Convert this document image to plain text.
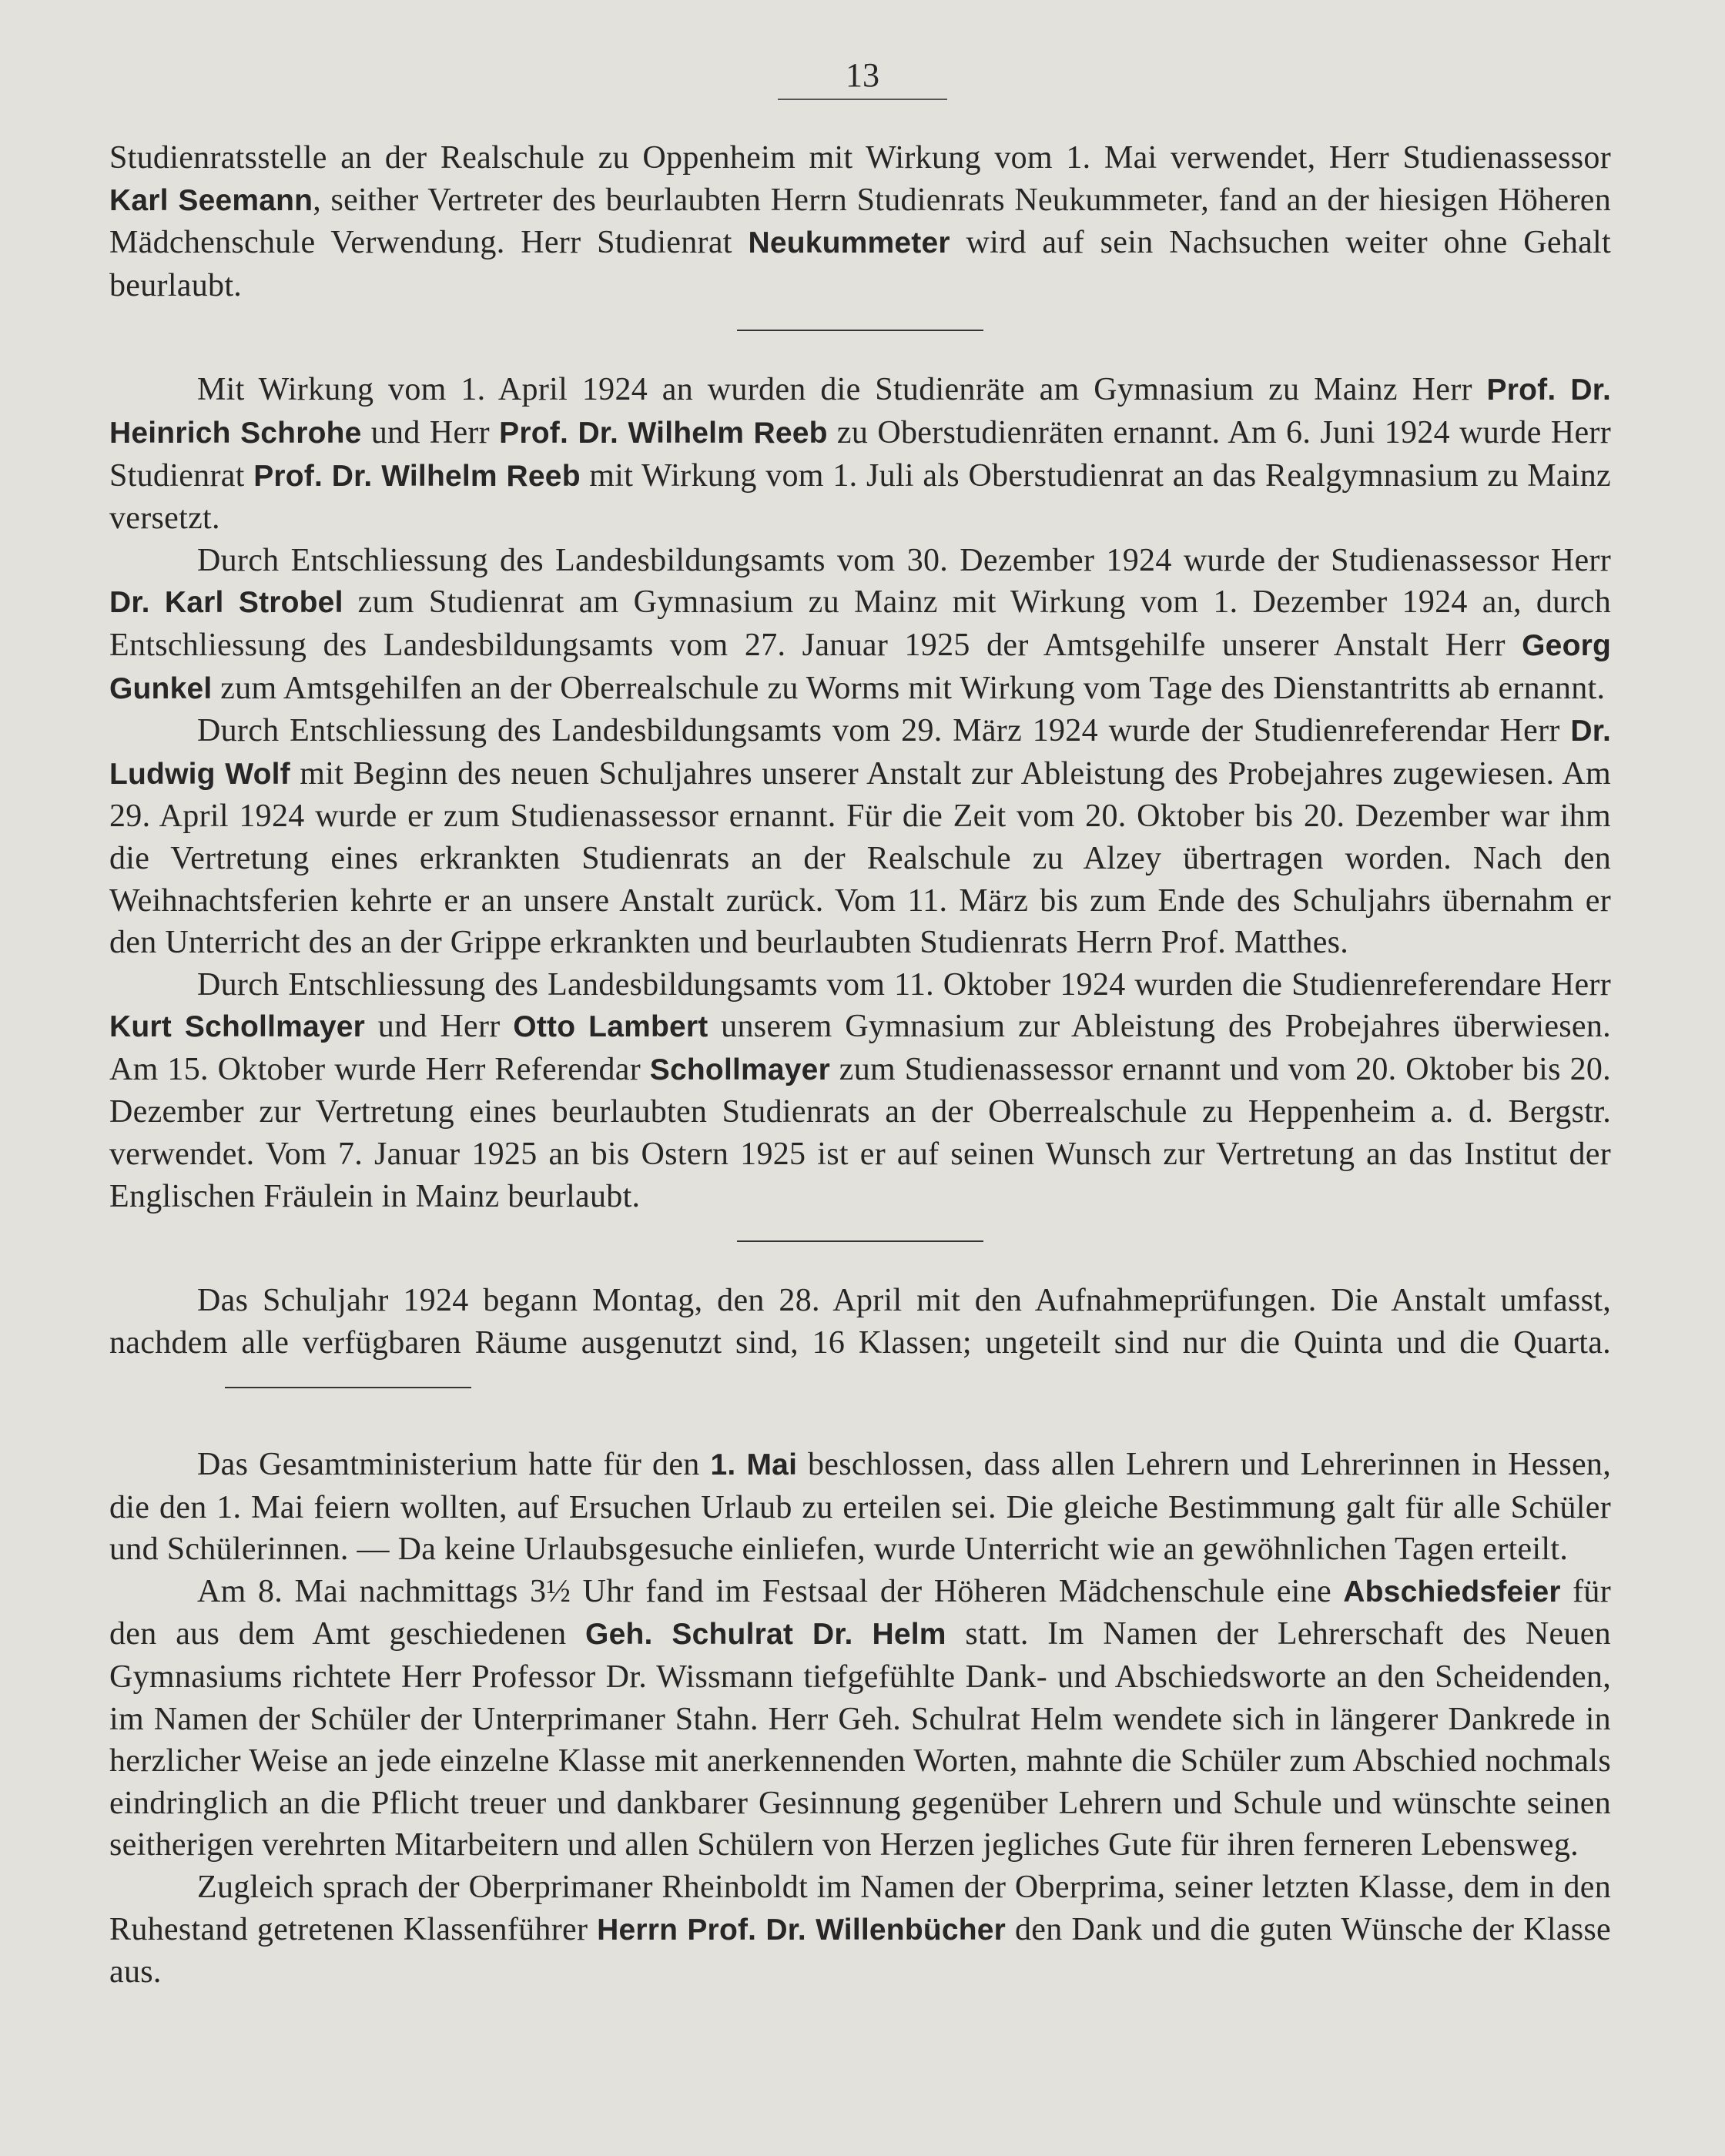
13

Studienratsstelle an der Realschule zu Oppenheim mit Wirkung vom 1. Mai verwendet, Herr Studienassessor Karl Seemann, seither Vertreter des beurlaubten Herrn Studienrats Neukummeter, fand an der hiesigen Höheren Mädchenschule Verwendung. Herr Studienrat Neukummeter wird auf sein Nachsuchen weiter ohne Gehalt beurlaubt.

Mit Wirkung vom 1. April 1924 an wurden die Studienräte am Gymnasium zu Mainz Herr Prof. Dr. Heinrich Schrohe und Herr Prof. Dr. Wilhelm Reeb zu Oberstudienräten ernannt. Am 6. Juni 1924 wurde Herr Studienrat Prof. Dr. Wilhelm Reeb mit Wirkung vom 1. Juli als Oberstudienrat an das Realgymnasium zu Mainz versetzt.

Durch Entschliessung des Landesbildungsamts vom 30. Dezember 1924 wurde der Studienassessor Herr Dr. Karl Strobel zum Studienrat am Gymnasium zu Mainz mit Wirkung vom 1. Dezember 1924 an, durch Entschliessung des Landesbildungsamts vom 27. Januar 1925 der Amtsgehilfe unserer Anstalt Herr Georg Gunkel zum Amtsgehilfen an der Oberrealschule zu Worms mit Wirkung vom Tage des Dienstantritts ab ernannt.

Durch Entschliessung des Landesbildungsamts vom 29. März 1924 wurde der Studienreferendar Herr Dr. Ludwig Wolf mit Beginn des neuen Schuljahres unserer Anstalt zur Ableistung des Probejahres zugewiesen. Am 29. April 1924 wurde er zum Studienassessor ernannt. Für die Zeit vom 20. Oktober bis 20. Dezember war ihm die Vertretung eines erkrankten Studienrats an der Realschule zu Alzey übertragen worden. Nach den Weihnachtsferien kehrte er an unsere Anstalt zurück. Vom 11. März bis zum Ende des Schuljahrs übernahm er den Unterricht des an der Grippe erkrankten und beurlaubten Studienrats Herrn Prof. Matthes.

Durch Entschliessung des Landesbildungsamts vom 11. Oktober 1924 wurden die Studienreferendare Herr Kurt Schollmayer und Herr Otto Lambert unserem Gymnasium zur Ableistung des Probejahres überwiesen. Am 15. Oktober wurde Herr Referendar Schollmayer zum Studienassessor ernannt und vom 20. Oktober bis 20. Dezember zur Vertretung eines beurlaubten Studienrats an der Oberrealschule zu Heppenheim a. d. Bergstr. verwendet. Vom 7. Januar 1925 an bis Ostern 1925 ist er auf seinen Wunsch zur Vertretung an das Institut der Englischen Fräulein in Mainz beurlaubt.

Das Schuljahr 1924 begann Montag, den 28. April mit den Aufnahmeprüfungen. Die Anstalt umfasst, nachdem alle verfügbaren Räume ausgenutzt sind, 16 Klassen; ungeteilt sind nur die Quinta und die Quarta.

Das Gesamtministerium hatte für den 1. Mai beschlossen, dass allen Lehrern und Lehrerinnen in Hessen, die den 1. Mai feiern wollten, auf Ersuchen Urlaub zu erteilen sei. Die gleiche Bestimmung galt für alle Schüler und Schülerinnen. — Da keine Urlaubsgesuche einliefen, wurde Unterricht wie an gewöhnlichen Tagen erteilt.

Am 8. Mai nachmittags 3½ Uhr fand im Festsaal der Höheren Mädchenschule eine Abschiedsfeier für den aus dem Amt geschiedenen Geh. Schulrat Dr. Helm statt. Im Namen der Lehrerschaft des Neuen Gymnasiums richtete Herr Professor Dr. Wissmann tiefgefühlte Dank- und Abschiedsworte an den Scheidenden, im Namen der Schüler der Unterprimaner Stahn. Herr Geh. Schulrat Helm wendete sich in längerer Dankrede in herzlicher Weise an jede einzelne Klasse mit anerkennenden Worten, mahnte die Schüler zum Abschied nochmals eindringlich an die Pflicht treuer und dankbarer Gesinnung gegenüber Lehrern und Schule und wünschte seinen seitherigen verehrten Mitarbeitern und allen Schülern von Herzen jegliches Gute für ihren ferneren Lebensweg.

Zugleich sprach der Oberprimaner Rheinboldt im Namen der Oberprima, seiner letzten Klasse, dem in den Ruhestand getretenen Klassenführer Herrn Prof. Dr. Willenbücher den Dank und die guten Wünsche der Klasse aus.
